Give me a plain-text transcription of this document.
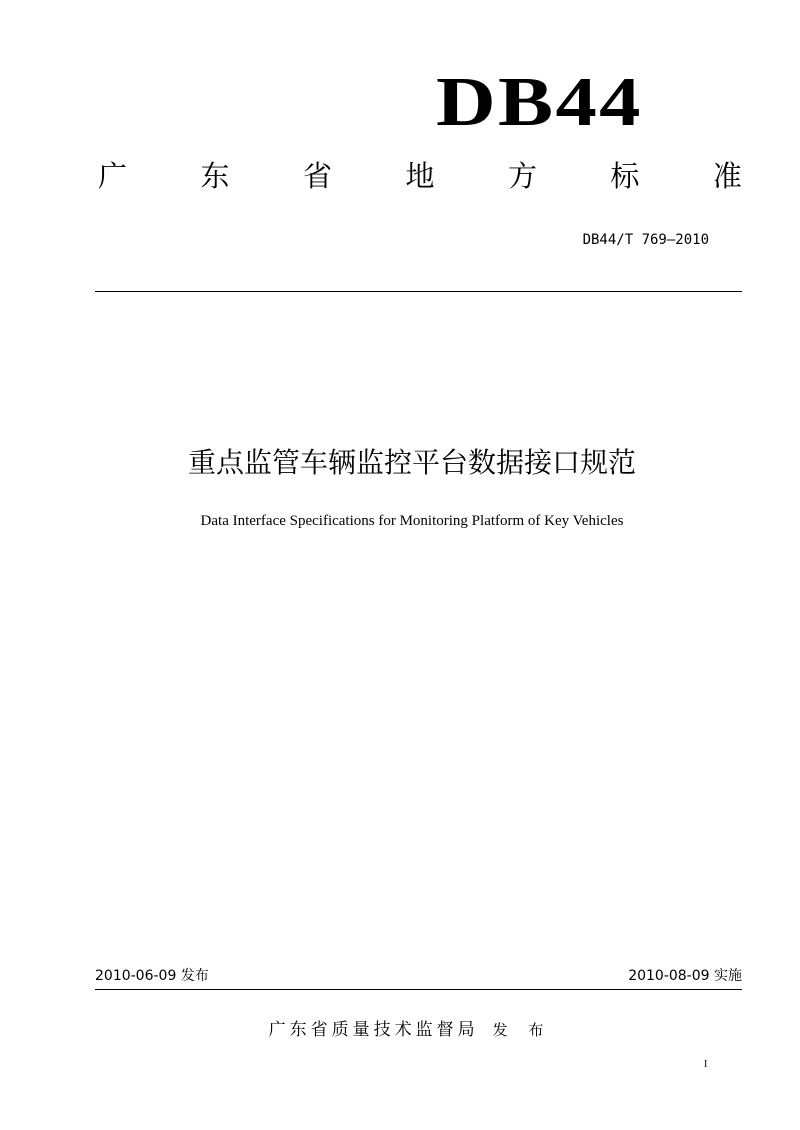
DB44
广	东	省	地	方	标	准
DB44/T 769—2010
重点监管车辆监控平台数据接口规范
Data Interface Specifications for Monitoring Platform of Key Vehicles
2010-06-09 发布	2010-08-09 实施
广东省质量技术监督局 发 布
I
